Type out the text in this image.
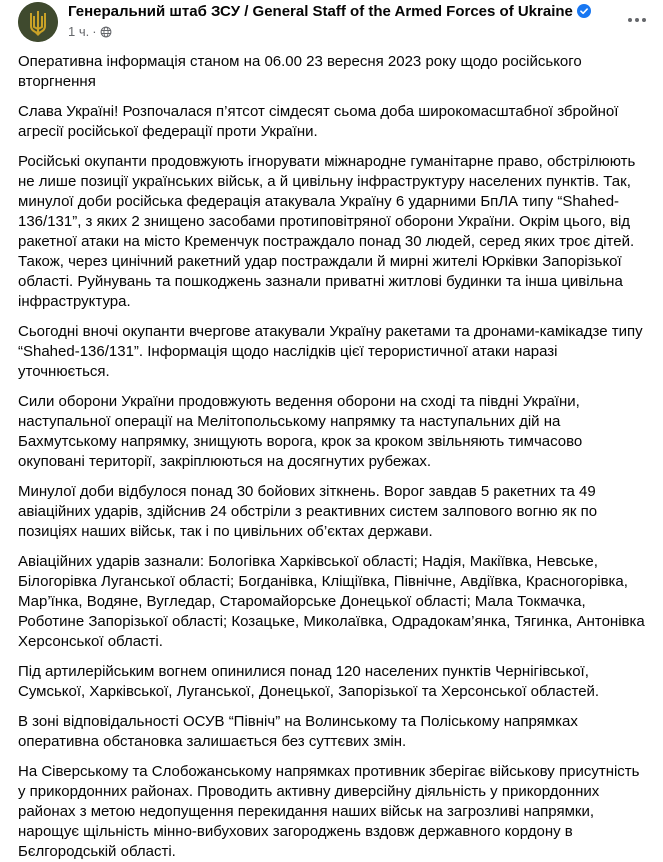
Генеральний штаб ЗСУ / General Staff of the Armed Forces of Ukraine
1 ч. ·

Оперативна інформація станом на 06.00 23 вересня 2023 року щодо російського вторгнення

Слава Україні! Розпочалася п’ятсот сімдесят сьома доба широкомасштабної збройної агресії російської федерації проти України.

Російські окупанти продовжують ігнорувати міжнародне гуманітарне право, обстрілюють не лише позиції українських військ, а й цивільну інфраструктуру населених пунктів. Так, минулої доби російська федерація атакувала Україну 6 ударними БпЛА типу “Shahed-136/131”, з яких 2 знищено засобами протиповітряної оборони України. Окрім цього, від ракетної атаки на місто Кременчук постраждало понад 30 людей, серед яких троє дітей. Також, через цинічний ракетний удар постраждали й мирні жителі Юрківки Запорізької області. Руйнувань та пошкоджень зазнали приватні житлові будинки та інша цивільна інфраструктура.

Сьогодні вночі окупанти вчергове атакували Україну ракетами та дронами-камікадзе типу “Shahed-136/131”. Інформація щодо наслідків цієї терористичної атаки наразі уточнюється.

Сили оборони України продовжують ведення оборони на сході та півдні України, наступальної операції на Мелітопольському напрямку та наступальних дій на Бахмутському напрямку, знищують ворога, крок за кроком звільняють тимчасово окуповані території, закріплюються на досягнутих рубежах.

Минулої доби відбулося понад 30 бойових зіткнень. Ворог завдав 5 ракетних та 49 авіаційних ударів, здійснив 24 обстріли з реактивних систем залпового вогню як по позиціях наших військ, так і по цивільних об’єктах держави.

Авіаційних ударів зазнали: Бологівка Харківської області; Надія, Макіївка, Невське, Білогорівка Луганської області; Богданівка, Кліщіївка, Північне, Авдіївка, Красногорівка, Мар’їнка, Водяне, Вугледар, Старомайорське Донецької області; Мала Токмачка, Роботине Запорізької області; Козацьке, Миколаївка, Одрадокам’янка, Тягинка, Антонівка Херсонської області.

Під артилерійським вогнем опинилися понад 120 населених пунктів Чернігівської, Сумської, Харківської, Луганської, Донецької, Запорізької та Херсонської областей.

В зоні відповідальності ОСУВ “Північ” на Волинському та Поліському напрямках оперативна обстановка залишається без суттєвих змін.

На Сіверському та Слобожанському напрямках противник зберігає військову присутність у прикордонних районах. Проводить активну диверсійну діяльність у прикордонних районах з метою недопущення перекидання наших військ на загрозливі напрямки, нарощує щільність мінно-вибухових загороджень вздовж державного кордону в Бєлгородській області.
